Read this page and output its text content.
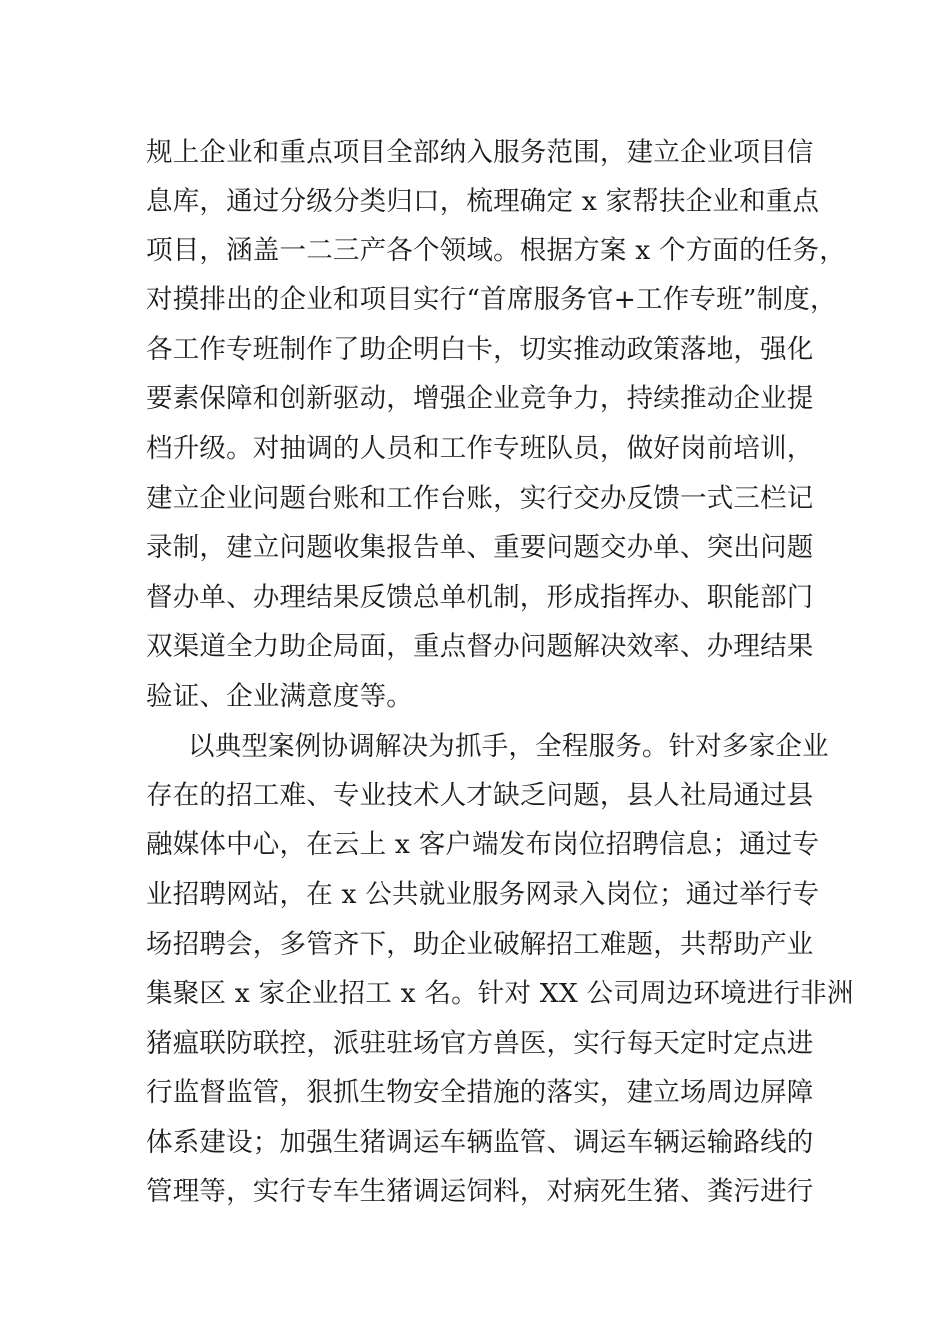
规上企业和重点项目全部纳入服务范围，建立企业项目信
息库，通过分级分类归口，梳理确定 x 家帮扶企业和重点
项目，涵盖一二三产各个领域。根据方案 x 个方面的任务，
对摸排出的企业和项目实行“首席服务官+工作专班”制度，
各工作专班制作了助企明白卡，切实推动政策落地，强化
要素保障和创新驱动，增强企业竞争力，持续推动企业提
档升级。对抽调的人员和工作专班队员，做好岗前培训，
建立企业问题台账和工作台账，实行交办反馈一式三栏记
录制，建立问题收集报告单、重要问题交办单、突出问题
督办单、办理结果反馈总单机制，形成指挥办、职能部门
双渠道全力助企局面，重点督办问题解决效率、办理结果
验证、企业满意度等。
以典型案例协调解决为抓手，全程服务。针对多家企业
存在的招工难、专业技术人才缺乏问题，县人社局通过县
融媒体中心，在云上 x 客户端发布岗位招聘信息；通过专
业招聘网站，在 x 公共就业服务网录入岗位；通过举行专
场招聘会，多管齐下，助企业破解招工难题，共帮助产业
集聚区 x 家企业招工 x 名。针对 XX 公司周边环境进行非洲
猪瘟联防联控，派驻驻场官方兽医，实行每天定时定点进
行监督监管，狠抓生物安全措施的落实，建立场周边屏障
体系建设；加强生猪调运车辆监管、调运车辆运输路线的
管理等，实行专车生猪调运饲料，对病死生猪、粪污进行
